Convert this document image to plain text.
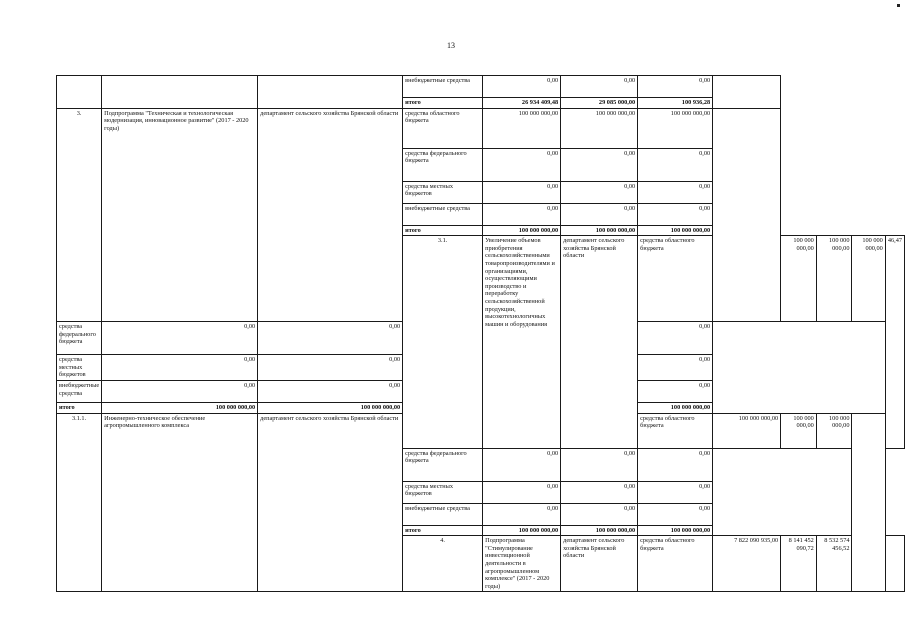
13
			внебюджетные средства	0,00	0,00	0,00					
			итого	26 934 409,48	29 085 000,00	100 936,28					
3.	Подпрограмма "Техническая и технологическая модернизация, инновационное развитие" (2017 - 2020 годы)	департамент сельского хозяйства Брянской области	средства областного бюджета	100 000 000,00	100 000 000,00	100 000 000,00					
			средства федерального бюджета	0,00	0,00	0,00					
			средства местных бюджетов	0,00	0,00	0,00					
			внебюджетные средства	0,00	0,00	0,00					
			итого	100 000 000,00	100 000 000,00	100 000 000,00					
			3.1.	Увеличение объемов приобретения сельскохозяйственными товаропроизводителями и организациями, осуществляющими производство и переработку сельскохозяйственной продукции, высокотехнологичных машин и оборудования	департамент сельского хозяйства Брянской области	средства областного бюджета		100 000 000,00	100 000 000,00	100 000 000,00	46,47
средства федерального бюджета	0,00	0,00				0,00					
средства местных бюджетов	0,00	0,00				0,00					
внебюджетные средства	0,00	0,00				0,00					
итого	100 000 000,00	100 000 000,00				100 000 000,00					
3.1.1.	Инженерно-техническое обеспечение агропромышленного комплекса	департамент сельского хозяйства Брянской области				средства областного бюджета	100 000 000,00	100 000 000,00	100 000 000,00		
			средства федерального бюджета	0,00	0,00	0,00					
			средства местных бюджетов	0,00	0,00	0,00					
			внебюджетные средства	0,00	0,00	0,00					
			итого	100 000 000,00	100 000 000,00	100 000 000,00					
			4.	Подпрограмма "Стимулирование инвестиционной деятельности в агропромышленном комплексе" (2017 - 2020 годы)	департамент сельского хозяйства Брянской области	средства областного бюджета	7 822 090 935,00	8 141 452 090,72	8 532 574 456,52		
